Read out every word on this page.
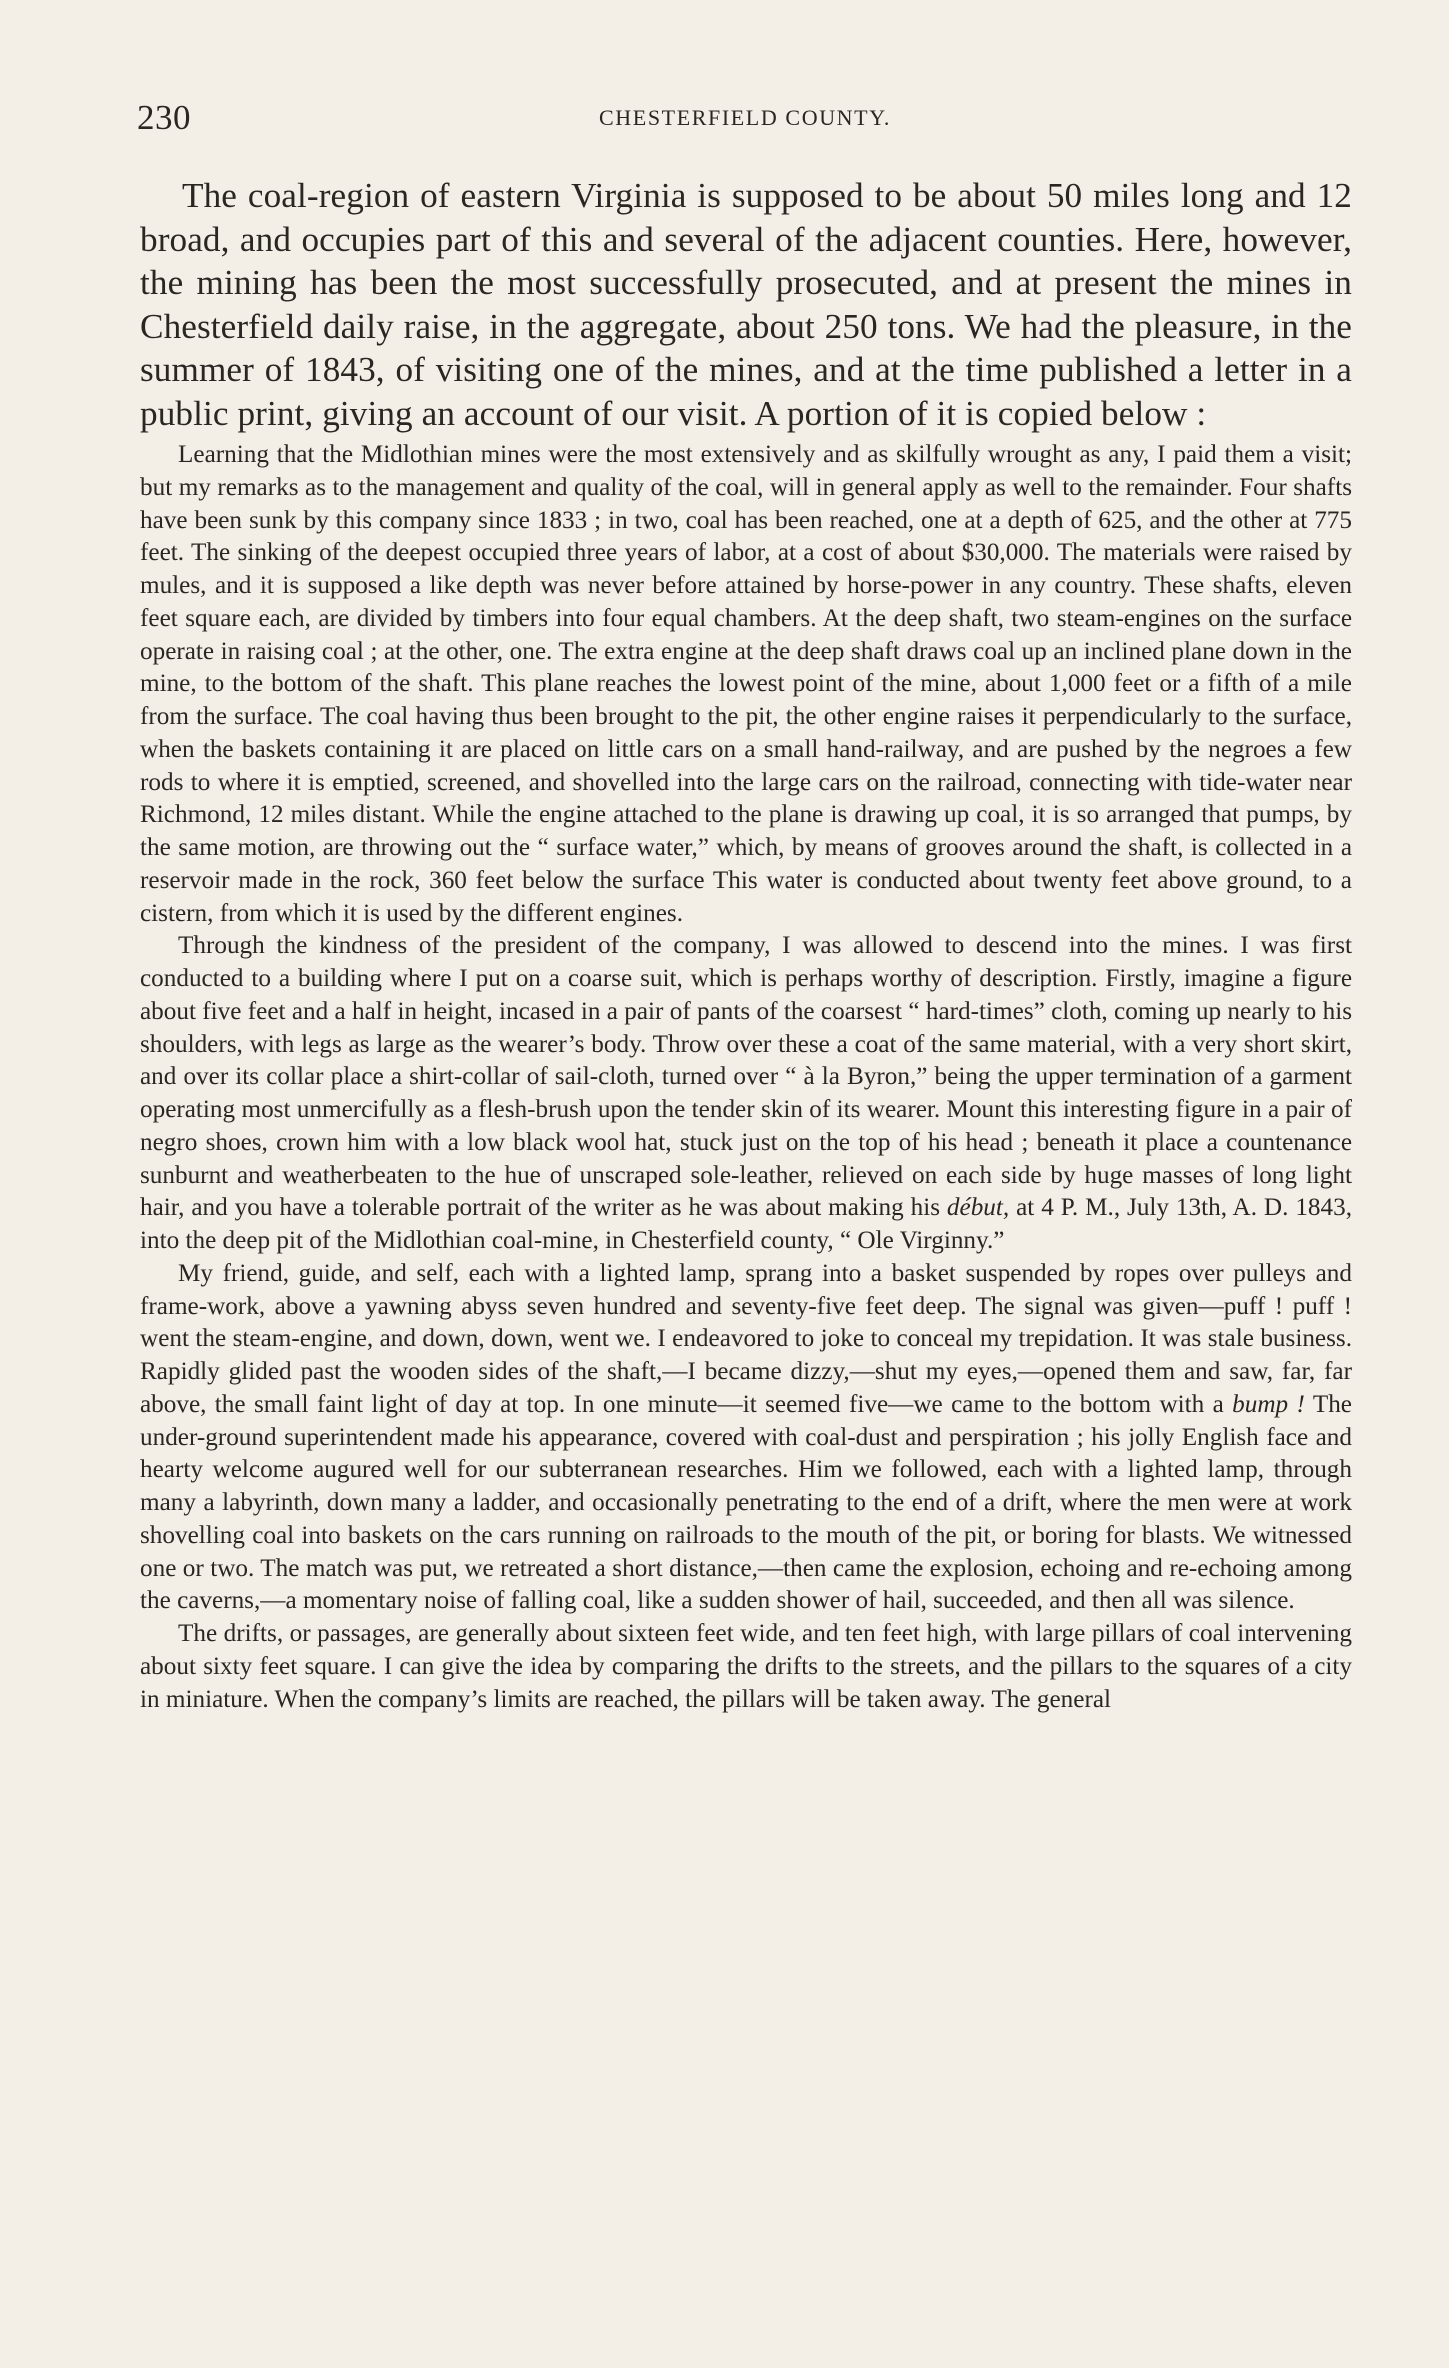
230	CHESTERFIELD COUNTY.

The coal-region of eastern Virginia is supposed to be about 50 miles long and 12 broad, and occupies part of this and several of the adjacent counties. Here, however, the mining has been the most successfully prosecuted, and at present the mines in Chesterfield daily raise, in the aggregate, about 250 tons. We had the pleasure, in the summer of 1843, of visiting one of the mines, and at the time published a letter in a public print, giving an account of our visit. A portion of it is copied below :

Learning that the Midlothian mines were the most extensively and as skilfully wrought as any, I paid them a visit; but my remarks as to the management and quality of the coal, will in general apply as well to the remainder. Four shafts have been sunk by this company since 1833 ; in two, coal has been reached, one at a depth of 625, and the other at 775 feet. The sinking of the deepest occupied three years of labor, at a cost of about $30,000. The materials were raised by mules, and it is supposed a like depth was never before attained by horse-power in any country. These shafts, eleven feet square each, are divided by timbers into four equal chambers. At the deep shaft, two steam-engines on the surface operate in raising coal ; at the other, one. The extra engine at the deep shaft draws coal up an inclined plane down in the mine, to the bottom of the shaft. This plane reaches the lowest point of the mine, about 1,000 feet or a fifth of a mile from the surface. The coal having thus been brought to the pit, the other engine raises it perpendicularly to the surface, when the baskets containing it are placed on little cars on a small hand-railway, and are pushed by the negroes a few rods to where it is emptied, screened, and shovelled into the large cars on the railroad, connecting with tide-water near Richmond, 12 miles distant. While the engine attached to the plane is drawing up coal, it is so arranged that pumps, by the same motion, are throwing out the “ surface water,” which, by means of grooves around the shaft, is collected in a reservoir made in the rock, 360 feet below the surface This water is conducted about twenty feet above ground, to a cistern, from which it is used by the different engines.

Through the kindness of the president of the company, I was allowed to descend into the mines. I was first conducted to a building where I put on a coarse suit, which is perhaps worthy of description. Firstly, imagine a figure about five feet and a half in height, incased in a pair of pants of the coarsest “ hard-times” cloth, coming up nearly to his shoulders, with legs as large as the wearer’s body. Throw over these a coat of the same material, with a very short skirt, and over its collar place a shirt-collar of sail-cloth, turned over “ à la Byron,” being the upper termination of a garment operating most unmercifully as a flesh-brush upon the tender skin of its wearer. Mount this interesting figure in a pair of negro shoes, crown him with a low black wool hat, stuck just on the top of his head ; beneath it place a countenance sunburnt and weatherbeaten to the hue of unscraped sole-leather, relieved on each side by huge masses of long light hair, and you have a tolerable portrait of the writer as he was about making his début, at 4 P. M., July 13th, A. D. 1843, into the deep pit of the Midlothian coal-mine, in Chesterfield county, “ Ole Virginny.”

My friend, guide, and self, each with a lighted lamp, sprang into a basket suspended by ropes over pulleys and frame-work, above a yawning abyss seven hundred and seventy-five feet deep. The signal was given—puff ! puff ! went the steam-engine, and down, down, went we. I endeavored to joke to conceal my trepidation. It was stale business. Rapidly glided past the wooden sides of the shaft,—I became dizzy,—shut my eyes,—opened them and saw, far, far above, the small faint light of day at top. In one minute—it seemed five—we came to the bottom with a bump ! The under-ground superintendent made his appearance, covered with coal-dust and perspiration ; his jolly English face and hearty welcome augured well for our subterranean researches. Him we followed, each with a lighted lamp, through many a labyrinth, down many a ladder, and occasionally penetrating to the end of a drift, where the men were at work shovelling coal into baskets on the cars running on railroads to the mouth of the pit, or boring for blasts. We witnessed one or two. The match was put, we retreated a short distance,—then came the explosion, echoing and re-echoing among the caverns,—a momentary noise of falling coal, like a sudden shower of hail, succeeded, and then all was silence.

The drifts, or passages, are generally about sixteen feet wide, and ten feet high, with large pillars of coal intervening about sixty feet square. I can give the idea by comparing the drifts to the streets, and the pillars to the squares of a city in miniature. When the company’s limits are reached, the pillars will be taken away. The general
